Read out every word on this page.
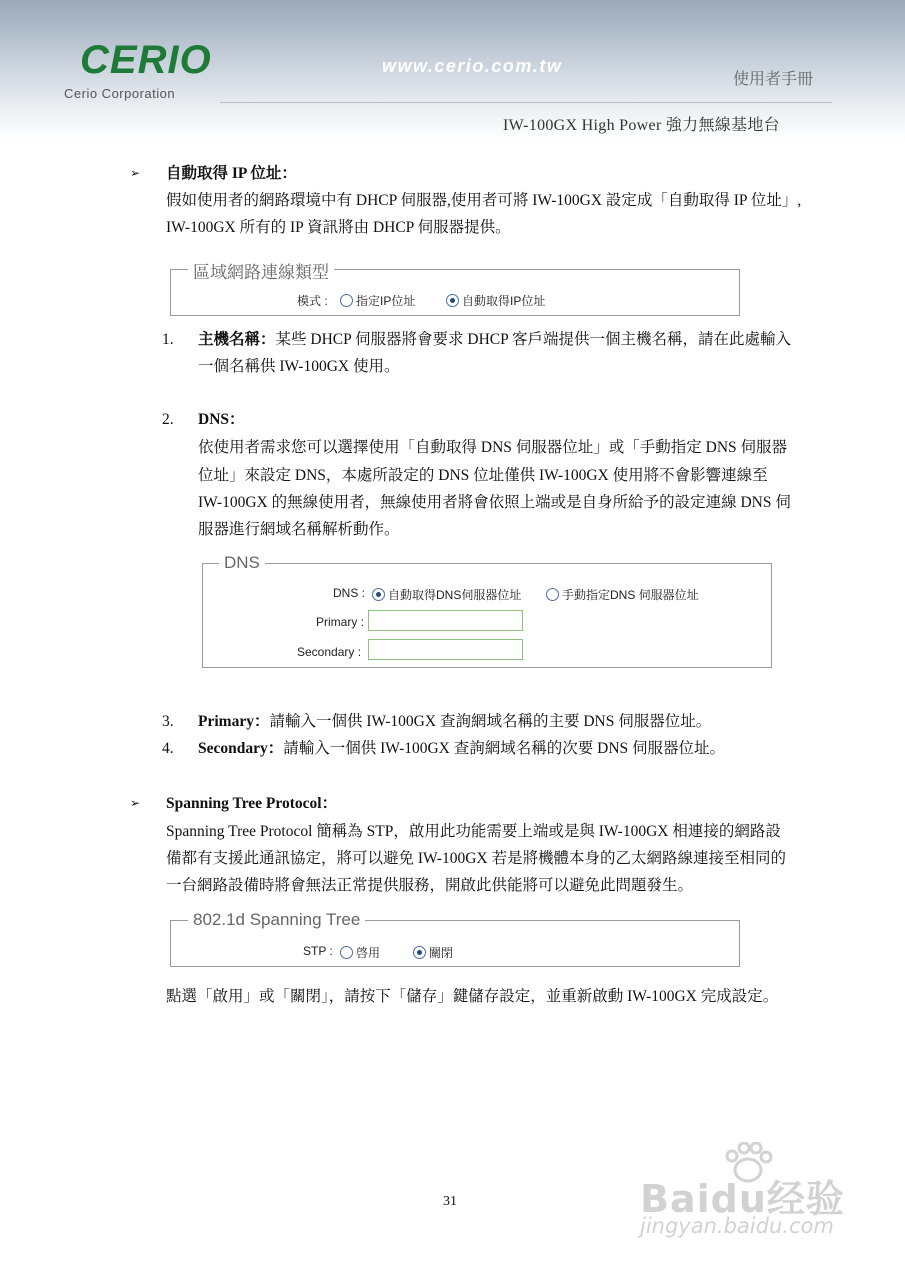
CERIO
Cerio Corporation
www.cerio.com.tw
使用者手冊
IW-100GX High Power 強力無線基地台
➢ 自動取得 IP 位址：
假如使用者的網路環境中有 DHCP 伺服器,使用者可將 IW-100GX 設定成「自動取得 IP 位址」,
IW-100GX 所有的 IP 資訊將由 DHCP 伺服器提供。
區域網路連線類型
模式 :	指定IP位址	自動取得IP位址
1. 主機名稱：某些 DHCP 伺服器將會要求 DHCP 客戶端提供一個主機名稱，請在此處輸入
一個名稱供 IW-100GX 使用。
2. DNS：
依使用者需求您可以選擇使用「自動取得 DNS 伺服器位址」或「手動指定 DNS 伺服器
位址」來設定 DNS，本處所設定的 DNS 位址僅供 IW-100GX 使用將不會影響連線至
IW-100GX 的無線使用者，無線使用者將會依照上端或是自身所給予的設定連線 DNS 伺
服器進行網域名稱解析動作。
DNS
DNS :	自動取得DNS伺服器位址	手動指定DNS 伺服器位址
Primary :
Secondary :
3. Primary：請輸入一個供 IW-100GX 查詢網域名稱的主要 DNS 伺服器位址。
4. Secondary：請輸入一個供 IW-100GX 查詢網域名稱的次要 DNS 伺服器位址。
➢ Spanning Tree Protocol：
Spanning Tree Protocol 簡稱為 STP，啟用此功能需要上端或是與 IW-100GX 相連接的網路設
備都有支援此通訊協定，將可以避免 IW-100GX 若是將機體本身的乙太網路線連接至相同的
一台網路設備時將會無法正常提供服務，開啟此供能將可以避免此問題發生。
802.1d Spanning Tree
STP :	啓用	關閉
點選「啟用」或「關閉」，請按下「儲存」鍵儲存設定，並重新啟動 IW-100GX 完成設定。
31	Baidu经验
jingyan.baidu.com
